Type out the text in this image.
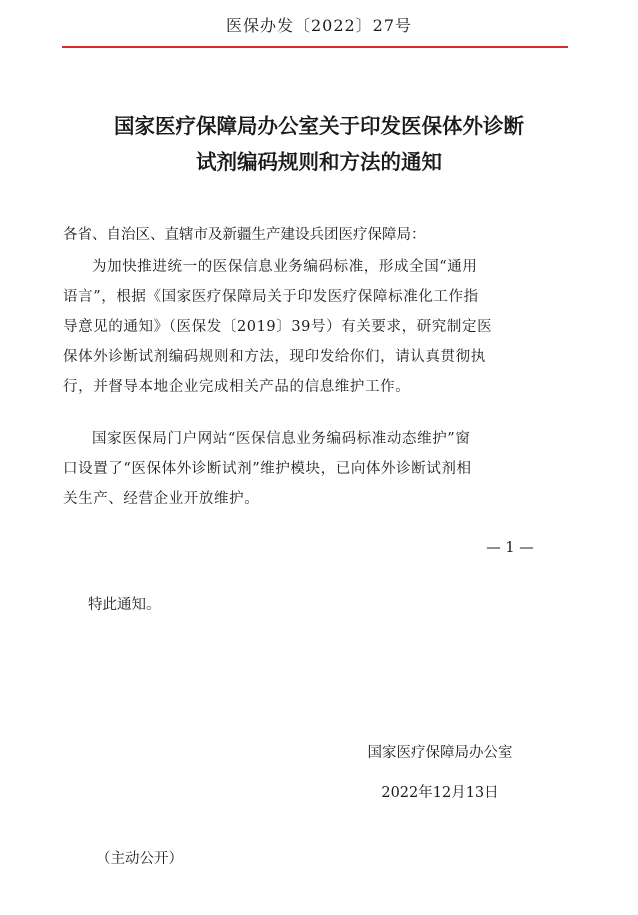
医保办发〔2022〕27号
国家医疗保障局办公室关于印发医保体外诊断
试剂编码规则和方法的通知
各省、自治区、直辖市及新疆生产建设兵团医疗保障局：
为加快推进统一的医保信息业务编码标准，形成全国“通用
语言”，根据《国家医疗保障局关于印发医疗保障标准化工作指
导意见的通知》（医保发〔2019〕39号）有关要求，研究制定医
保体外诊断试剂编码规则和方法，现印发给你们，请认真贯彻执
行，并督导本地企业完成相关产品的信息维护工作。
国家医保局门户网站“医保信息业务编码标准动态维护”窗
口设置了“医保体外诊断试剂”维护模块，已向体外诊断试剂相
关生产、经营企业开放维护。
— 1 —
特此通知。
国家医疗保障局办公室
2022年12月13日
（主动公开）
